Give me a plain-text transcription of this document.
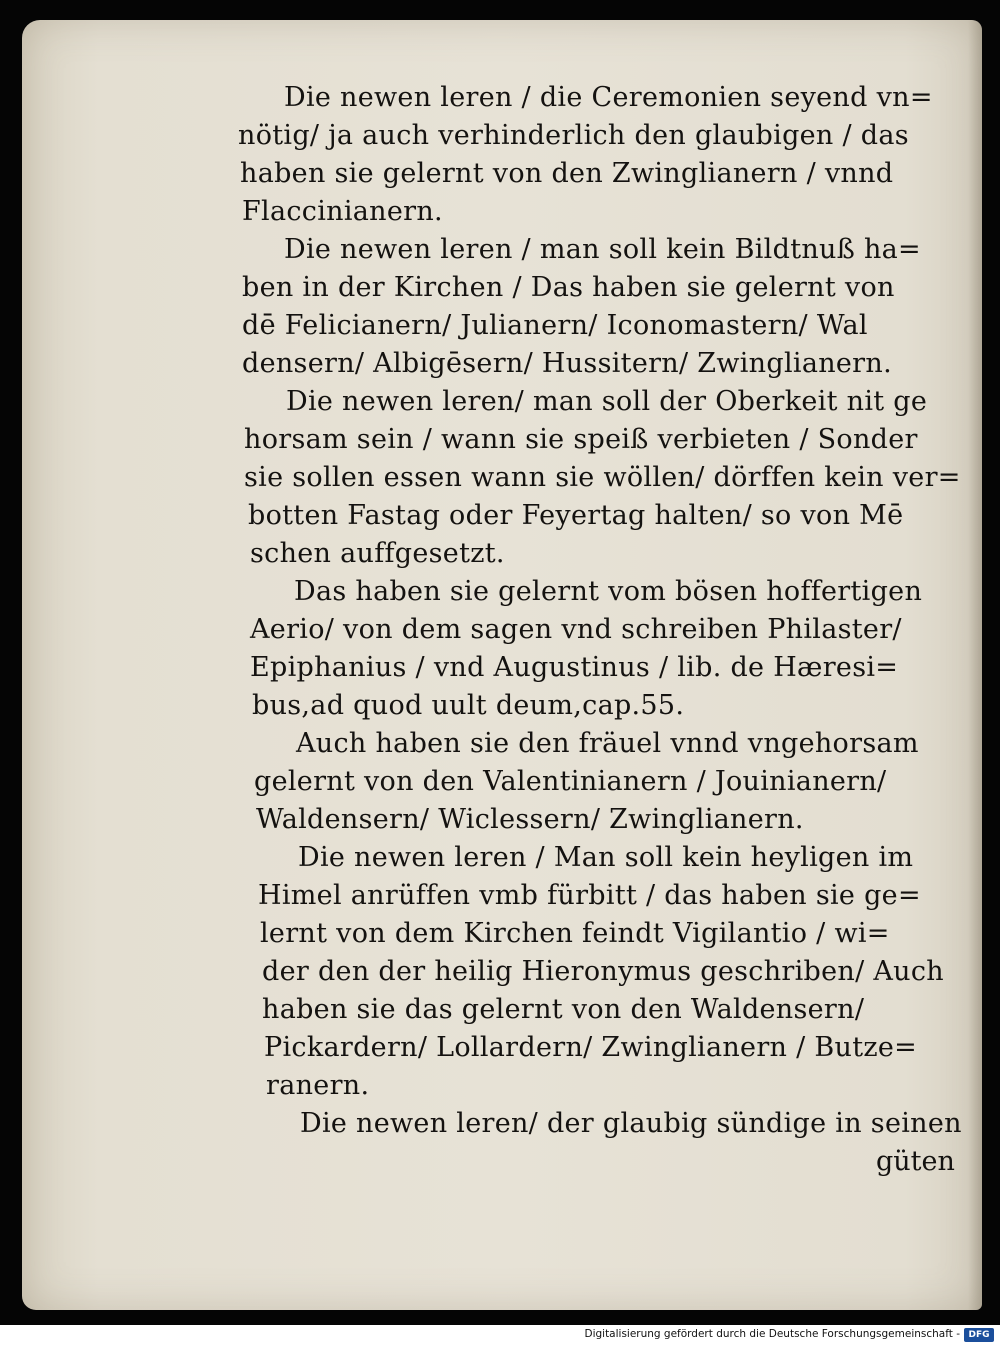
Die newen leren / die Ceremonien seyend vn=
nötig/ ja auch verhinderlich den glaubigen / das
haben sie gelernt von den Zwinglianern / vnnd
Flaccinianern.
Die newen leren / man soll kein Bildtnuß ha=
ben in der Kirchen / Das haben sie gelernt von
dē Felicianern/ Julianern/ Iconomastern/ Wal
densern/ Albigēsern/ Hussitern/ Zwinglianern.
Die newen leren/ man soll der Oberkeit nit ge
horsam sein / wann sie speiß verbieten / Sonder
sie sollen essen wann sie wöllen/ dörffen kein ver=
botten Fastag oder Feyertag halten/ so von Mē
schen auffgesetzt.
Das haben sie gelernt vom bösen hoffertigen
Aerio/ von dem sagen vnd schreiben Philaster/
Epiphanius / vnd Augustinus / lib. de Hæresi=
bus,ad quod uult deum,cap.55.
Auch haben sie den fräuel vnnd vngehorsam
gelernt von den Valentinianern / Jouinianern/
Waldensern/ Wiclessern/ Zwinglianern.
Die newen leren / Man soll kein heyligen im
Himel anrüffen vmb fürbitt / das haben sie ge=
lernt von dem Kirchen feindt Vigilantio / wi=
der den der heilig Hieronymus geschriben/ Auch
haben sie das gelernt von den Waldensern/
Pickardern/ Lollardern/ Zwinglianern / Butze=
ranern.
Die newen leren/ der glaubig sündige in seinen
güten
Digitalisierung gefördert durch die Deutsche Forschungsgemeinschaft - DFG
